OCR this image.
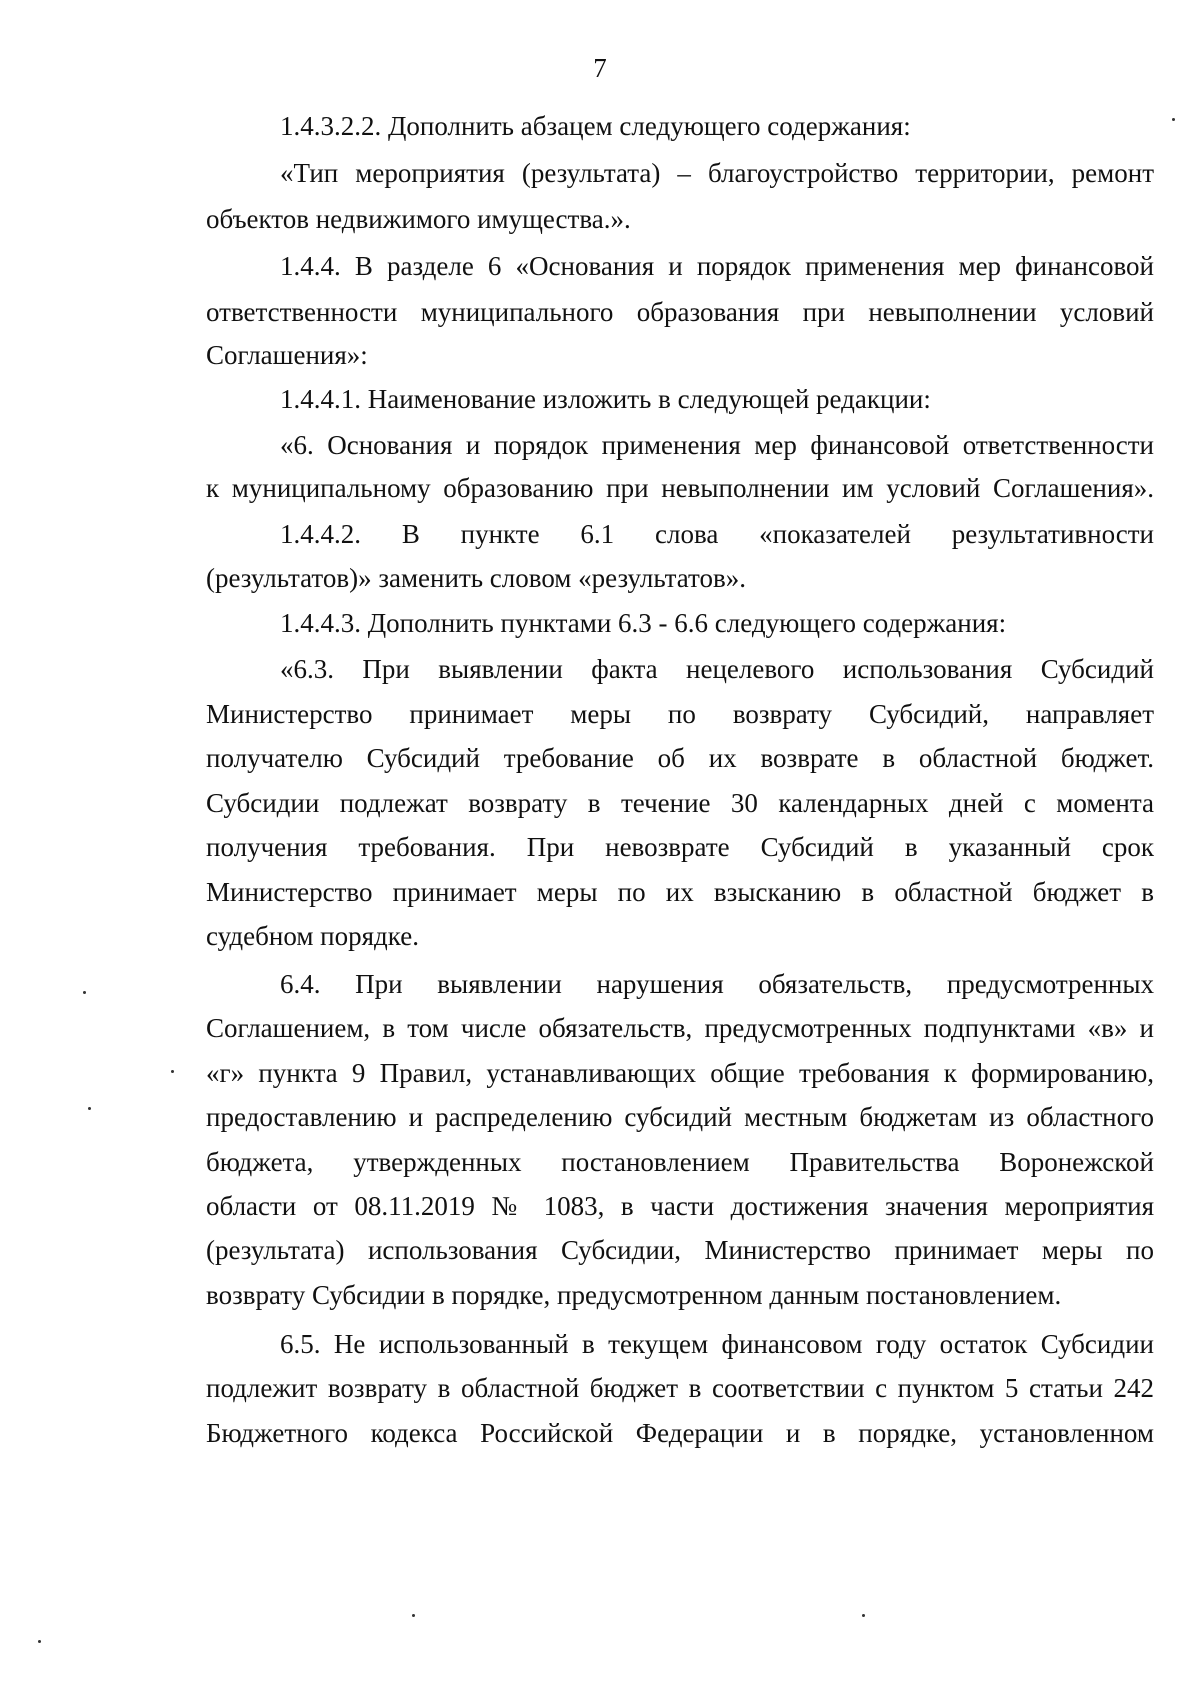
7
1.4.3.2.2. Дополнить абзацем следующего содержания:
«Тип мероприятия (результата) – благоустройство территории, ремонт
объектов недвижимого имущества.».
1.4.4. В разделе 6 «Основания и порядок применения мер финансовой
ответственности муниципального образования при невыполнении условий
Соглашения»:
1.4.4.1. Наименование изложить в следующей редакции:
«6. Основания и порядок применения мер финансовой ответственности
к муниципальному образованию при невыполнении им условий Соглашения».
1.4.4.2. В пункте 6.1 слова «показателей результативности
(результатов)» заменить словом «результатов».
1.4.4.3. Дополнить пунктами 6.3 - 6.6 следующего содержания:
«6.3. При выявлении факта нецелевого использования Субсидий
Министерство принимает меры по возврату Субсидий, направляет
получателю Субсидий требование об их возврате в областной бюджет.
Субсидии подлежат возврату в течение 30 календарных дней с момента
получения требования. При невозврате Субсидий в указанный срок
Министерство принимает меры по их взысканию в областной бюджет в
судебном порядке.
6.4. При выявлении нарушения обязательств, предусмотренных
Соглашением, в том числе обязательств, предусмотренных подпунктами «в» и
«г» пункта 9 Правил, устанавливающих общие требования к формированию,
предоставлению и распределению субсидий местным бюджетам из областного
бюджета, утвержденных постановлением Правительства Воронежской
области от 08.11.2019 № 1083, в части достижения значения мероприятия
(результата) использования Субсидии, Министерство принимает меры по
возврату Субсидии в порядке, предусмотренном данным постановлением.
6.5. Не использованный в текущем финансовом году остаток Субсидии
подлежит возврату в областной бюджет в соответствии с пунктом 5 статьи 242
Бюджетного кодекса Российской Федерации и в порядке, установленном
